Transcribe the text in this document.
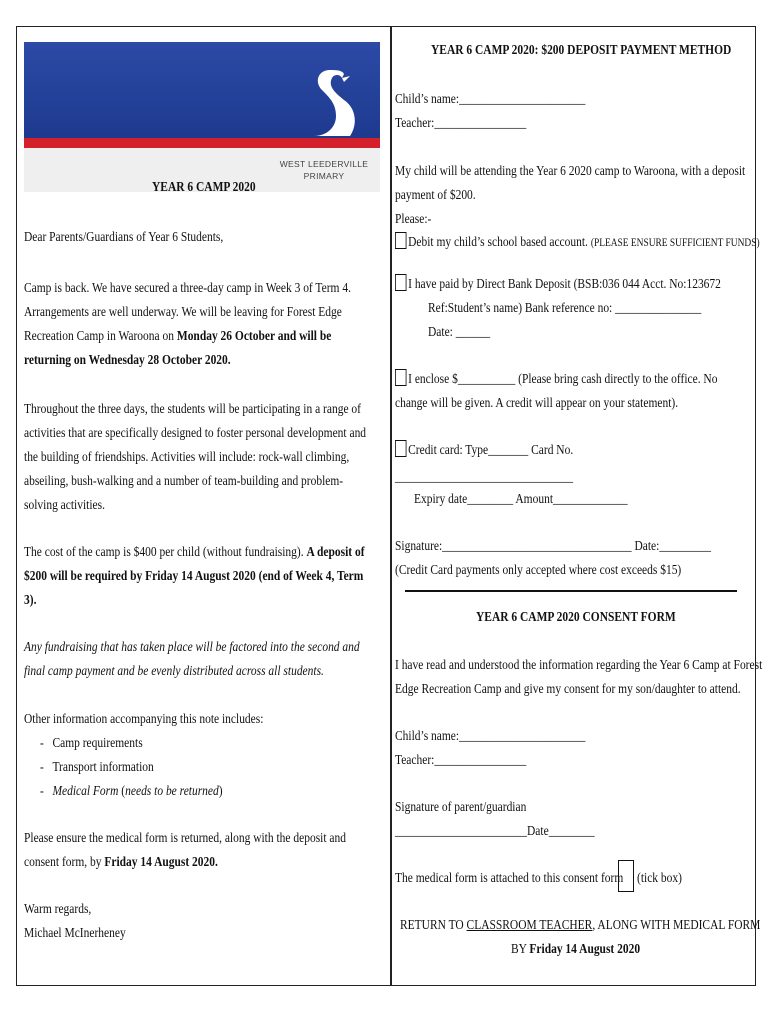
WEST LEEDERVILLE
PRIMARY
YEAR 6 CAMP 2020
Dear Parents/Guardians of Year 6 Students,
Camp is back. We have secured a three-day camp in Week 3 of Term 4.
Arrangements are well underway. We will be leaving for Forest Edge
Recreation Camp in Waroona on Monday 26 October and will be
returning on Wednesday 28 October 2020.
Throughout the three days, the students will be participating in a range of
activities that are specifically designed to foster personal development and
the building of friendships. Activities will include: rock-wall climbing,
abseiling, bush-walking and a number of team-building and problem-
solving activities.
The cost of the camp is $400 per child (without fundraising). A deposit of
$200 will be required by Friday 14 August 2020 (end of Week 4, Term
3).
Any fundraising that has taken place will be factored into the second and
final camp payment and be evenly distributed across all students.
Other information accompanying this note includes:
-   Camp requirements
-   Transport information
-   Medical Form (needs to be returned)
Please ensure the medical form is returned, along with the deposit and
consent form, by Friday 14 August 2020.
Warm regards,
Michael McInerheney
YEAR 6 CAMP 2020: $200 DEPOSIT PAYMENT METHOD
Child’s name:______________________
Teacher:________________
My child will be attending the Year 6 2020 camp to Waroona, with a deposit
payment of $200.
Please:-
Debit my child’s school based account. (PLEASE ENSURE SUFFICIENT FUNDS)
I have paid by Direct Bank Deposit (BSB:036 044 Acct. No:123672
Ref:Student’s name) Bank reference no: _______________
Date: ______
I enclose $__________ (Please bring cash directly to the office. No
change will be given. A credit will appear on your statement).
Credit card: Type_______ Card No.
_______________________________
Expiry date________ Amount_____________
Signature:_________________________________ Date:_________
(Credit Card payments only accepted where cost exceeds $15)
YEAR 6 CAMP 2020 CONSENT FORM
I have read and understood the information regarding the Year 6 Camp at Forest
Edge Recreation Camp and give my consent for my son/daughter to attend.
Child’s name:______________________
Teacher:________________
Signature of parent/guardian
_______________________Date________
The medical form is attached to this consent form (tick box)
RETURN TO CLASSROOM TEACHER, ALONG WITH MEDICAL FORM
BY Friday 14 August 2020
